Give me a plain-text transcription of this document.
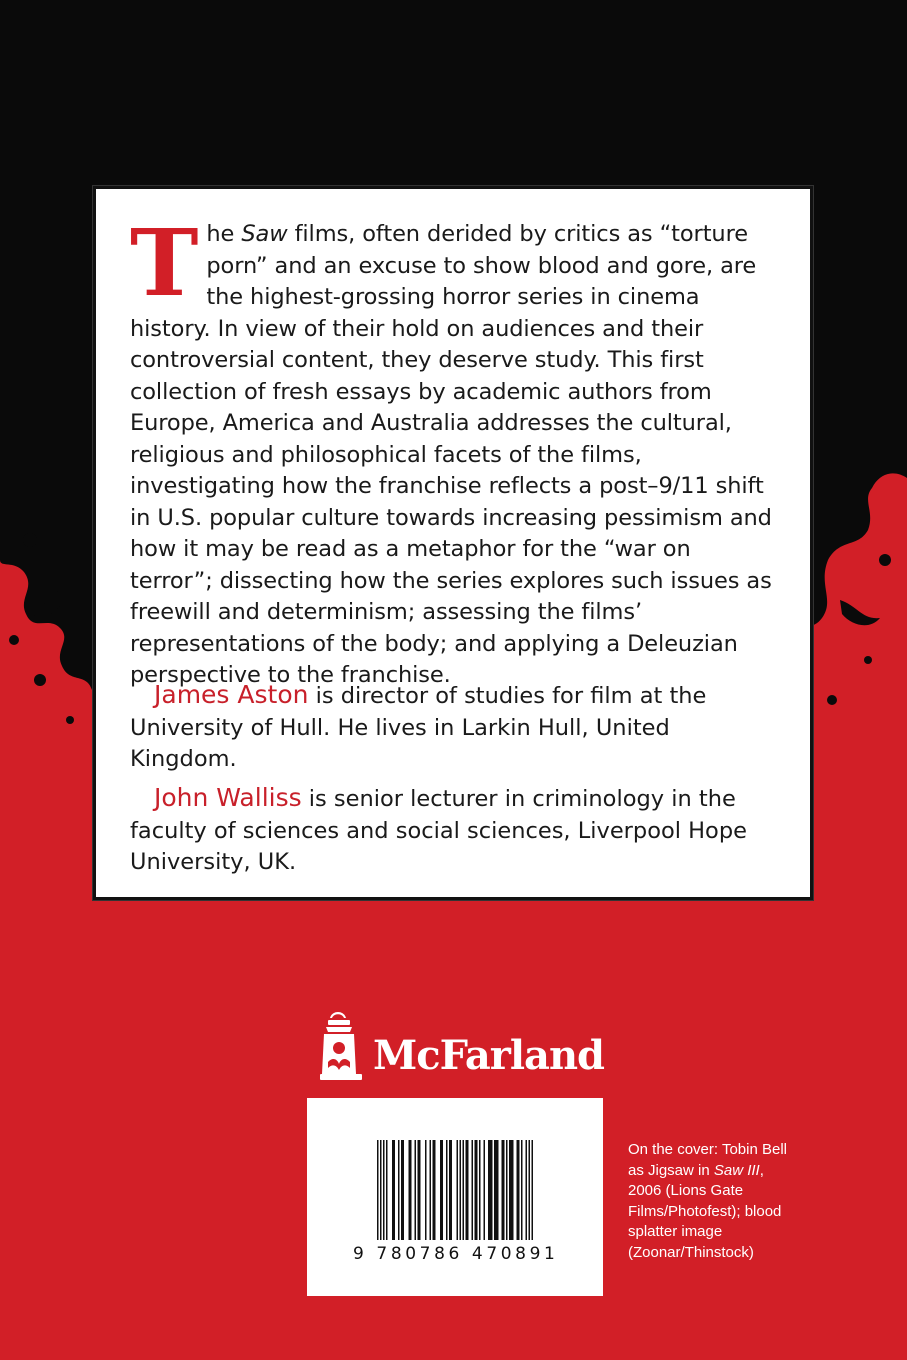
The Saw films, often derided by critics as “torture porn” and an excuse to show blood and gore, are the highest-grossing horror series in cinema history. In view of their hold on audiences and their controversial content, they deserve study. This first collection of fresh essays by academic authors from Europe, America and Australia addresses the cultural, religious and philosophical facets of the films, investigating how the franchise reflects a post–9/11 shift in U.S. popular culture towards increasing pessimism and how it may be read as a metaphor for the “war on terror”; dissecting how the series explores such issues as freewill and determinism; assessing the films’ representations of the body; and applying a Deleuzian perspective to the franchise.
James Aston is director of studies for film at the University of Hull. He lives in Larkin Hull, United Kingdom.
John Walliss is senior lecturer in criminology in the faculty of sciences and social sciences, Liverpool Hope University, UK.
McFarland
9 780786 470891
On the cover: Tobin Bell as Jigsaw in Saw III, 2006 (Lions Gate Films/Photofest); blood splatter image (Zoonar/Thinstock)
